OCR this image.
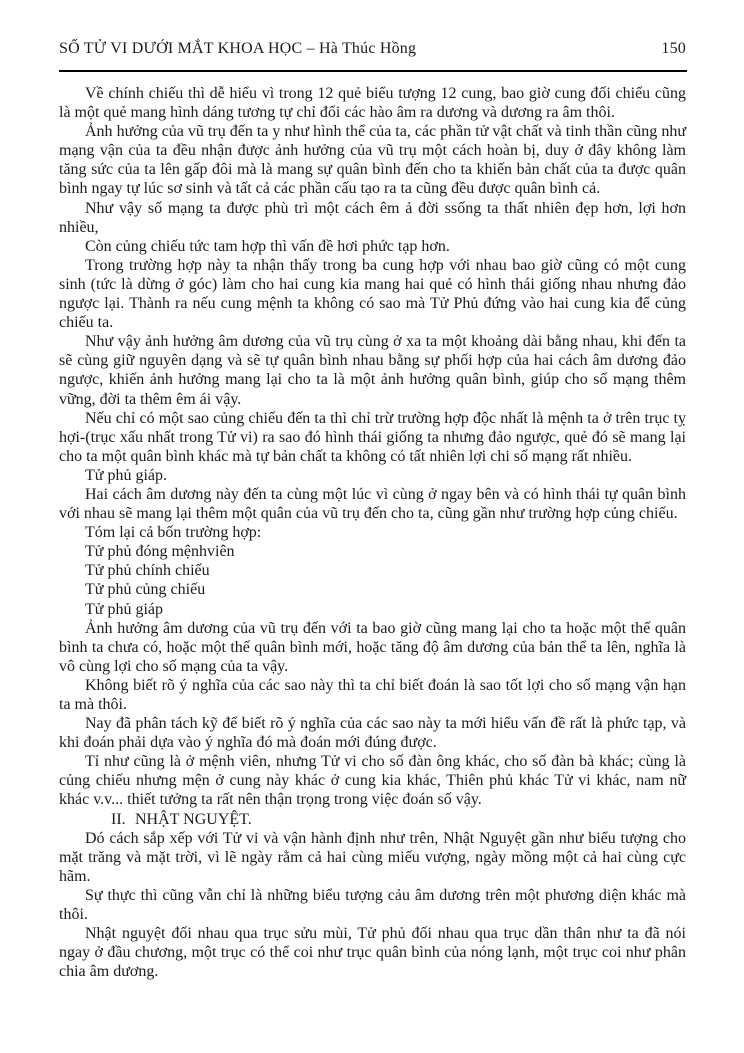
SỐ TỬ VI DƯỚI MẮT KHOA HỌC – Hà Thúc Hồng	150

Về chính chiếu thì dễ hiểu vì trong 12 quẻ biểu tượng 12 cung, bao giờ cung đối chiếu cũng là một quẻ mang hình dáng tương tự chỉ đổi các hào âm ra dương và dương ra âm thôi.

Ảnh hưởng của vũ trụ đến ta y như hình thể của ta, các phần tử vật chất và tinh thần cũng như mạng vận của ta đều nhận được ảnh hưởng của vũ trụ một cách hoàn bị, duy ở đây không làm tăng sức của ta lên gấp đôi mà là mang sự quân bình đến cho ta khiến bản chất của ta được quân bình ngay tự lúc sơ sinh và tất cả các phần cấu tạo ra ta cũng đều được quân bình cả.

Như vậy số mạng ta được phù trì một cách êm ả đời ssống ta thất nhiên đẹp hơn, lợi hơn nhiều,

Còn củng chiếu tức tam hợp thì vấn đề hơi phức tạp hơn.

Trong trường hợp này ta nhận thấy trong ba cung hợp với nhau bao giờ cũng có một cung sinh (tức là dừng ở góc) làm cho hai cung kia mang hai quẻ có hình thái giống nhau nhưng đảo ngược lại. Thành ra nếu cung mệnh ta không có sao mà Tử Phủ đứng vào hai cung kia để củng chiếu ta.

Như vậy ảnh hưởng âm dương của vũ trụ cùng ở xa ta một khoảng dài bằng nhau, khi đến ta sẽ cùng giữ nguyên dạng và sẽ tự quân bình nhau bằng sự phối hợp của hai cách âm dương đảo ngược, khiến ảnh hưởng mang lại cho ta là một ảnh hưởng quân bình, giúp cho số mạng thêm vững, đời ta thêm êm ái vậy.

Nếu chỉ có một sao củng chiếu đến ta thì chỉ trừ trường hợp độc nhất là mệnh ta ở trên trục tỵ hợi-(trục xấu nhất trong Tử vi) ra sao đó hình thái giống ta nhưng đảo ngược, quẻ đó sẽ mang lại cho ta một quân bình khác mà tự bản chất ta không có tất nhiên lợi chi số mạng rất nhiều.

Tử phủ giáp.

Hai cách âm dương này đến ta cùng một lúc vì cùng ở ngay bên và có hình thái tự quân bình với nhau sẽ mang lại thêm một quân của vũ trụ đến cho ta, cũng gần như trường hợp củng chiếu.

Tóm lại cả bốn trường hợp:

Tử phủ đóng mệnhviên

Tử phủ chính chiếu

Tử phủ củng chiếu

Tử phủ giáp

Ảnh hưởng âm dương của vũ trụ đến với ta bao giờ cũng mang lại cho ta hoặc một thế quân bình ta chưa có, hoặc một thế quân bình mới, hoặc tăng độ âm dương của bản thể ta lên, nghĩa là vô cùng lợi cho số mạng của ta vậy.

Không biết rõ ý nghĩa của các sao này thì ta chỉ biết đoán là sao tốt lợi cho số mạng vận hạn ta mà thôi.

Nay đã phân tách kỹ để biết rõ ý nghĩa của các sao này ta mới hiểu vấn đề rất là phức tạp, và khi đoán phải dựa vào ý nghĩa đó mà đoán mới đúng được.

Tỉ như cũng là ở mệnh viên, nhưng Tử vi cho số đàn ông khác, cho số đàn bà khác; cùng là củng chiếu nhưng mện ở cung này khác ở cung kia khác, Thiên phủ khác Tử vi khác, nam nữ khác v.v... thiết tưởng ta rất nên thận trọng trong việc đoán số vậy.

II. NHẬT NGUYỆT.

Dó cách sắp xếp với Tử vi và vận hành định như trên, Nhật Nguyệt gần như biểu tượng cho mặt trăng và mặt trời, vì lẽ ngày rằm cả hai cùng miếu vượng, ngày mồng một cả hai cùng cực hãm.

Sự thực thì cũng vẫn chỉ là những biểu tượng cảu âm dương trên một phương diện khác mà thôi.

Nhật nguyệt đối nhau qua trục sửu mùi, Tử phủ đối nhau qua trục dần thân như ta đã nói ngay ở đầu chương, một trục có thể coi như trục quân bình của nóng lạnh, một trục coi như phân chia âm dương.
